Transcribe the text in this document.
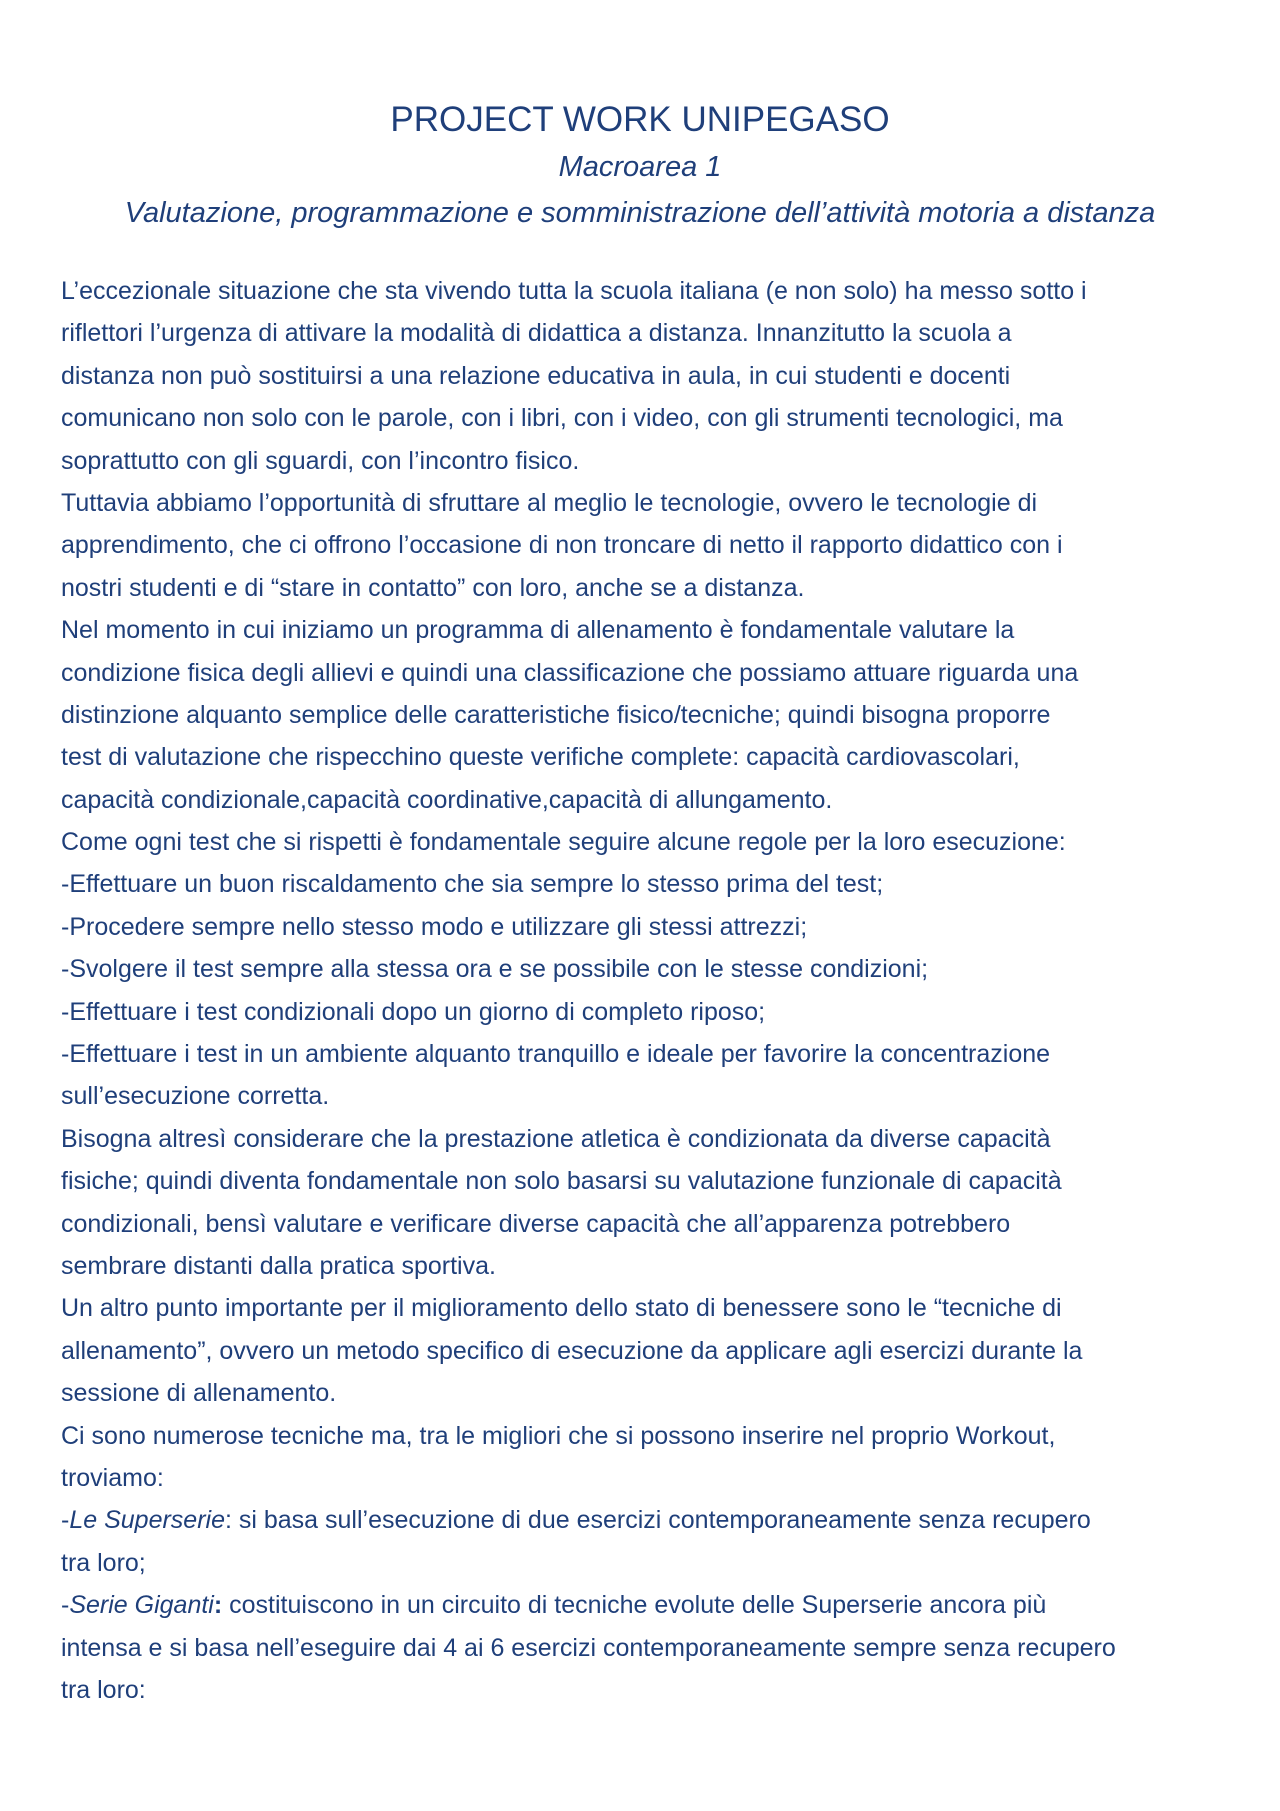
PROJECT WORK UNIPEGASO
Macroarea 1
Valutazione, programmazione e somministrazione dell’attività motoria a distanza
L’eccezionale situazione che sta vivendo tutta la scuola italiana (e non solo) ha messo sotto i
riflettori l’urgenza di attivare la modalità di didattica a distanza. Innanzitutto la scuola a
distanza non può sostituirsi a una relazione educativa in aula, in cui studenti e docenti
comunicano non solo con le parole, con i libri, con i video, con gli strumenti tecnologici, ma
soprattutto con gli sguardi, con l’incontro fisico.
Tuttavia abbiamo l’opportunità di sfruttare al meglio le tecnologie, ovvero le tecnologie di
apprendimento, che ci offrono l’occasione di non troncare di netto il rapporto didattico con i
nostri studenti e di “stare in contatto” con loro, anche se a distanza.
Nel momento in cui iniziamo un programma di allenamento è fondamentale valutare la
condizione fisica degli allievi e quindi una classificazione che possiamo attuare riguarda una
distinzione alquanto semplice delle caratteristiche fisico/tecniche; quindi bisogna proporre
test di valutazione che rispecchino queste verifiche complete: capacità cardiovascolari,
capacità condizionale,capacità coordinative,capacità di allungamento.
Come ogni test che si rispetti è fondamentale seguire alcune regole per la loro esecuzione:
-Effettuare un buon riscaldamento che sia sempre lo stesso prima del test;
-Procedere sempre nello stesso modo e utilizzare gli stessi attrezzi;
-Svolgere il test sempre alla stessa ora e se possibile con le stesse condizioni;
-Effettuare i test condizionali dopo un giorno di completo riposo;
-Effettuare i test in un ambiente alquanto tranquillo e ideale per favorire la concentrazione
sull’esecuzione corretta.
Bisogna altresì considerare che la prestazione atletica è condizionata da diverse capacità
fisiche; quindi diventa fondamentale non solo basarsi su valutazione funzionale di capacità
condizionali, bensì valutare e verificare diverse capacità che all’apparenza potrebbero
sembrare distanti dalla pratica sportiva.
Un altro punto importante per il miglioramento dello stato di benessere sono le “tecniche di
allenamento”, ovvero un metodo specifico di esecuzione da applicare agli esercizi durante la
sessione di allenamento.
Ci sono numerose tecniche ma, tra le migliori che si possono inserire nel proprio Workout,
troviamo:
-Le Superserie: si basa sull’esecuzione di due esercizi contemporaneamente senza recupero
tra loro;
-Serie Giganti: costituiscono in un circuito di tecniche evolute delle Superserie ancora più
intensa e si basa nell’eseguire dai 4 ai 6 esercizi contemporaneamente sempre senza recupero
tra loro:
